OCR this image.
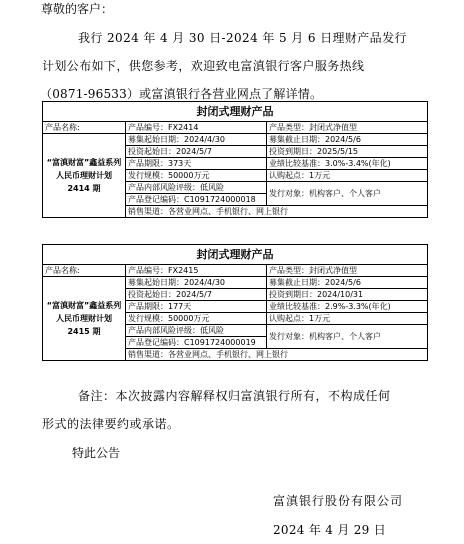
尊敬的客户：
我行 2024 年 4 月 30 日-2024 年 5 月 6 日理财产品发行
计划公布如下，供您参考，欢迎致电富滇银行客户服务热线
（0871-96533）或富滇银行各营业网点了解详情。
封闭式理财产品		
产品名称:	产品编号：FX2414	产品类型：封闭式净值型
“富滇财富”鑫益系列人民币理财计划 2414 期	募集起始日期：2024/4/30	募集截止日期：2024/5/6
	投资起始日：2024/5/7	投资到期日：2025/5/15
	产品期限：373天	业绩比较基准：3.0%-3.4%(年化)
	发行规模：50000万元	认购起点：1万元
	产品内部风险评级：低风险	发行对象：机构客户、个人客户
	产品登记编码：C1091724000018	
	销售渠道：各营业网点、手机银行、网上银行	
封闭式理财产品		
产品名称:	产品编号：FX2415	产品类型：封闭式净值型
“富滇财富”鑫益系列人民币理财计划 2415 期	募集起始日期：2024/4/30	募集截止日期：2024/5/6
	投资起始日：2024/5/7	投资到期日：2024/10/31
	产品期限：177天	业绩比较基准：2.9%-3.3%(年化)
	发行规模：50000万元	认购起点：1万元
	产品内部风险评级：低风险	发行对象：机构客户、个人客户
	产品登记编码：C1091724000019	
	销售渠道：各营业网点、手机银行、网上银行	
备注：本次披露内容解释权归富滇银行所有，不构成任何
形式的法律要约或承诺。
特此公告
富滇银行股份有限公司
2024 年 4 月 29 日
